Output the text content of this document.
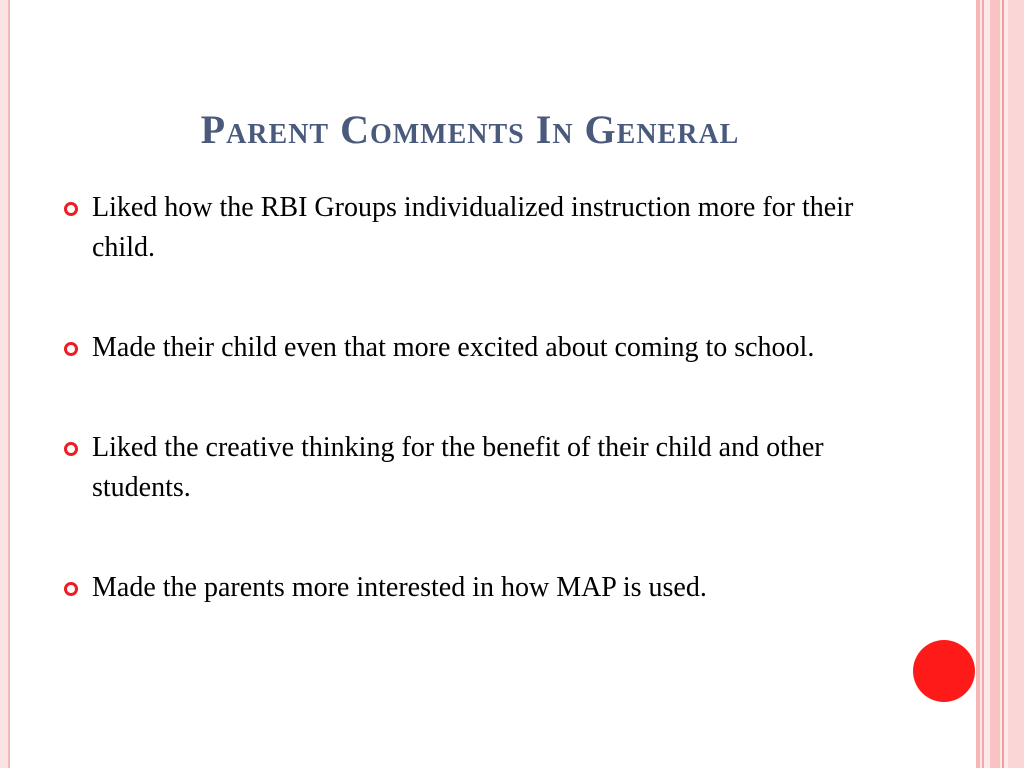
Parent Comments In General
Liked how the RBI Groups individualized instruction more for their child.
Made their child even that more excited about coming to school.
Liked the creative thinking for the benefit of their child and other students.
Made the parents more interested in how MAP is used.
